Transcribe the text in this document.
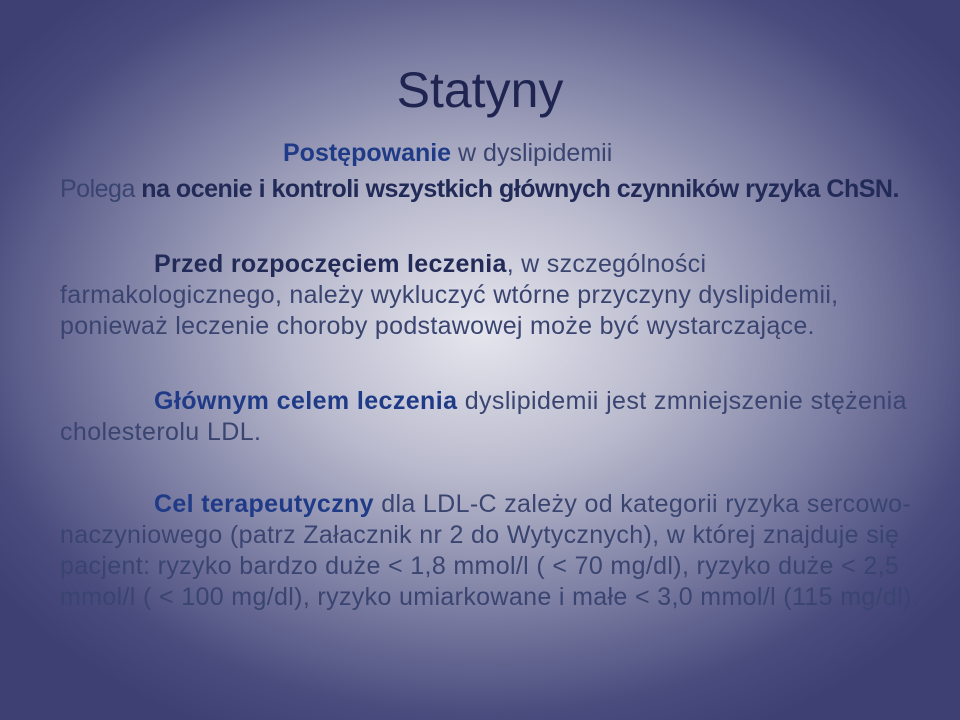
Statyny

Postępowanie w dyslipidemii

Polega na ocenie i kontroli wszystkich głównych czynników ryzyka ChSN.

Przed rozpoczęciem leczenia, w szczególności farmakologicznego, należy wykluczyć wtórne przyczyny dyslipidemii, ponieważ leczenie choroby podstawowej może być wystarczające.

Głównym celem leczenia dyslipidemii jest zmniejszenie stężenia cholesterolu LDL.

Cel terapeutyczny dla LDL-C zależy od kategorii ryzyka sercowo-naczyniowego (patrz Załacznik nr 2 do Wytycznych), w której znajduje się pacjent: ryzyko bardzo duże < 1,8 mmol/l ( < 70 mg/dl), ryzyko duże < 2,5 mmol/l ( < 100 mg/dl), ryzyko umiarkowane i małe < 3,0 mmol/l (115 mg/dl).
